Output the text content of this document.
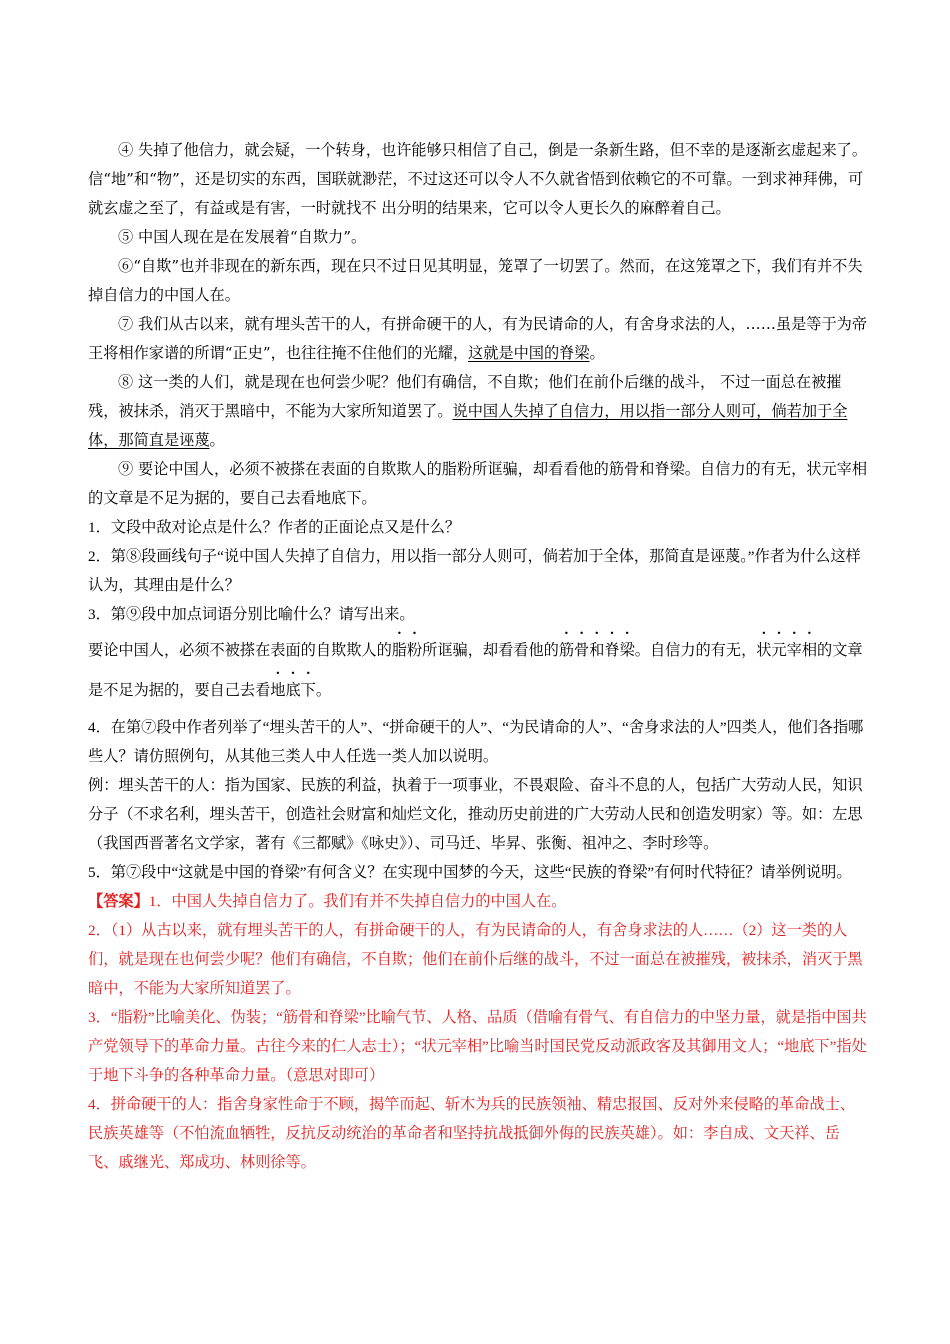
④ 失掉了他信力，就会疑，一个转身，也许能够只相信了自己，倒是一条新生路，但不幸的是逐渐玄虚起来了。信“地”和“物”，还是切实的东西，国联就渺茫，不过这还可以令人不久就省悟到依赖它的不可靠。一到求神拜佛，可就玄虚之至了，有益或是有害，一时就找不 出分明的结果来，它可以令人更长久的麻醉着自己。

⑤ 中国人现在是在发展着“自欺力”。

⑥“自欺”也并非现在的新东西，现在只不过日见其明显，笼罩了一切罢了。然而，在这笼罩之下，我们有并不失掉自信力的中国人在。

⑦ 我们从古以来，就有埋头苦干的人，有拼命硬干的人，有为民请命的人，有舍身求法的人，……虽是等于为帝王将相作家谱的所谓“正史”，也往往掩不住他们的光耀，这就是中国的脊梁。

⑧ 这一类的人们，就是现在也何尝少呢？他们有确信，不自欺；他们在前仆后继的战斗， 不过一面总在被摧残，被抹杀，消灭于黑暗中，不能为大家所知道罢了。说中国人失掉了自信力，用以指一部分人则可，倘若加于全体，那简直是诬蔑。

⑨ 要论中国人，必须不被搽在表面的自欺欺人的脂粉所诓骗，却看看他的筋骨和脊梁。自信力的有无，状元宰相的文章是不足为据的，要自己去看地底下。

1．文段中敌对论点是什么？作者的正面论点又是什么？

2．第⑧段画线句子“说中国人失掉了自信力，用以指一部分人则可，倘若加于全体，那简直是诬蔑。”作者为什么这样认为，其理由是什么？

3．第⑨段中加点词语分别比喻什么？请写出来。

要论中国人，必须不被搽在表面的自欺欺人的脂粉所诓骗，却看看他的筋骨和脊梁。自信力的有无，状元宰相的文章是不足为据的，要自己去看地底下。

4．在第⑦段中作者列举了“埋头苦干的人”、“拼命硬干的人”、“为民请命的人”、“舍身求法的人”四类人，他们各指哪些人？请仿照例句，从其他三类人中人任选一类人加以说明。

例：埋头苦干的人：指为国家、民族的利益，执着于一项事业，不畏艰险、奋斗不息的人，包括广大劳动人民，知识分子（不求名利，埋头苦干，创造社会财富和灿烂文化，推动历史前进的广大劳动人民和创造发明家）等。如：左思（我国西晋著名文学家，著有《三都赋》《咏史》）、司马迁、毕昇、张衡、祖冲之、李时珍等。

5．第⑦段中“这就是中国的脊梁”有何含义？在实现中国梦的今天，这些“民族的脊梁”有何时代特征？请举例说明。

【答案】1．中国人失掉自信力了。我们有并不失掉自信力的中国人在。

2．（1）从古以来，就有埋头苦干的人，有拼命硬干的人，有为民请命的人，有舍身求法的人……（2）这一类的人们，就是现在也何尝少呢？他们有确信，不自欺；他们在前仆后继的战斗，不过一面总在被摧残，被抹杀，消灭于黑暗中，不能为大家所知道罢了。

3．“脂粉”比喻美化、伪装；“筋骨和脊梁”比喻气节、人格、品质（借喻有骨气、有自信力的中坚力量，就是指中国共产党领导下的革命力量。古往今来的仁人志士）；“状元宰相”比喻当时国民党反动派政客及其御用文人；“地底下”指处于地下斗争的各种革命力量。（意思对即可）

4．拼命硬干的人：指舍身家性命于不顾，揭竿而起、斩木为兵的民族领袖、精忠报国、反对外来侵略的革命战士、民族英雄等（不怕流血牺牲，反抗反动统治的革命者和坚持抗战抵御外侮的民族英雄）。如：李自成、文天祥、岳飞、戚继光、郑成功、林则徐等。
